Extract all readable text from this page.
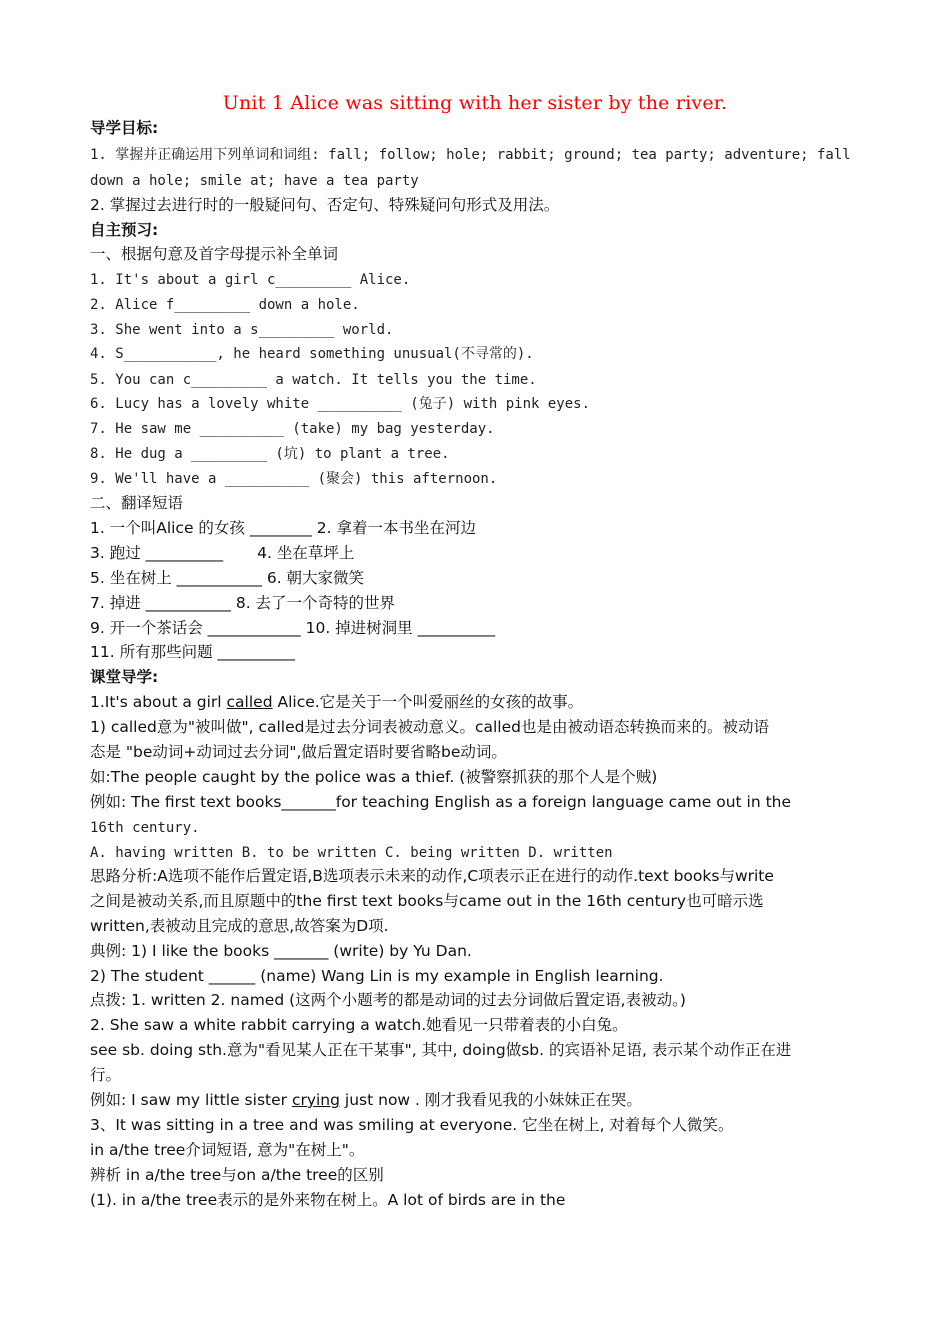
Unit 1 Alice was sitting with her sister by the river.
导学目标:
1. 掌握并正确运用下列单词和词组: fall; follow; hole; rabbit; ground; tea party; adventure; fall
down a hole; smile at; have a tea party
2. 掌握过去进行时的一般疑问句、否定句、特殊疑问句形式及用法。
自主预习:
一、根据句意及首字母提示补全单词
1. It's about a girl c_________ Alice.
2. Alice f_________ down a hole.
3. She went into a s_________ world.
4. S___________, he heard something unusual(不寻常的).
5. You can c_________ a watch. It tells you the time.
6. Lucy has a lovely white __________ (兔子) with pink eyes.
7. He saw me __________ (take) my bag yesterday.
8. He dug a _________ (坑) to plant a tree.
9. We'll have a __________ (聚会) this afternoon.
二、翻译短语
1. 一个叫Alice 的女孩 ________ 2. 拿着一本书坐在河边
3. 跑过 __________ 4. 坐在草坪上
5. 坐在树上 ___________ 6. 朝大家微笑
7. 掉进 ___________ 8. 去了一个奇特的世界
9. 开一个茶话会 ____________ 10. 掉进树洞里 __________
11. 所有那些问题 __________
课堂导学:
1.It's about a girl called Alice.它是关于一个叫爱丽丝的女孩的故事。
1) called意为"被叫做", called是过去分词表被动意义。called也是由被动语态转换而来的。被动语
态是 "be动词+动词过去分词",做后置定语时要省略be动词。
如:The people caught by the police was a thief. (被警察抓获的那个人是个贼)
例如: The first text books_______for teaching English as a foreign language came out in the
16th century.
A. having written B. to be written C. being written D. written
思路分析:A选项不能作后置定语,B选项表示未来的动作,C项表示正在进行的动作.text books与write
之间是被动关系,而且原题中的the first text books与came out in the 16th century也可暗示选
written,表被动且完成的意思,故答案为D项.
典例: 1) I like the books _______ (write) by Yu Dan.
2) The student ______ (name) Wang Lin is my example in English learning.
点拨: 1. written 2. named (这两个小题考的都是动词的过去分词做后置定语,表被动。)
2. She saw a white rabbit carrying a watch.她看见一只带着表的小白兔。
see sb. doing sth.意为"看见某人正在干某事", 其中, doing做sb. 的宾语补足语, 表示某个动作正在进
行。
例如: I saw my little sister crying just now . 刚才我看见我的小妹妹正在哭。
3、It was sitting in a tree and was smiling at everyone. 它坐在树上, 对着每个人微笑。
in a/the tree介词短语, 意为"在树上"。
辨析 in a/the tree与on a/the tree的区别
(1). in a/the tree表示的是外来物在树上。A lot of birds are in the
